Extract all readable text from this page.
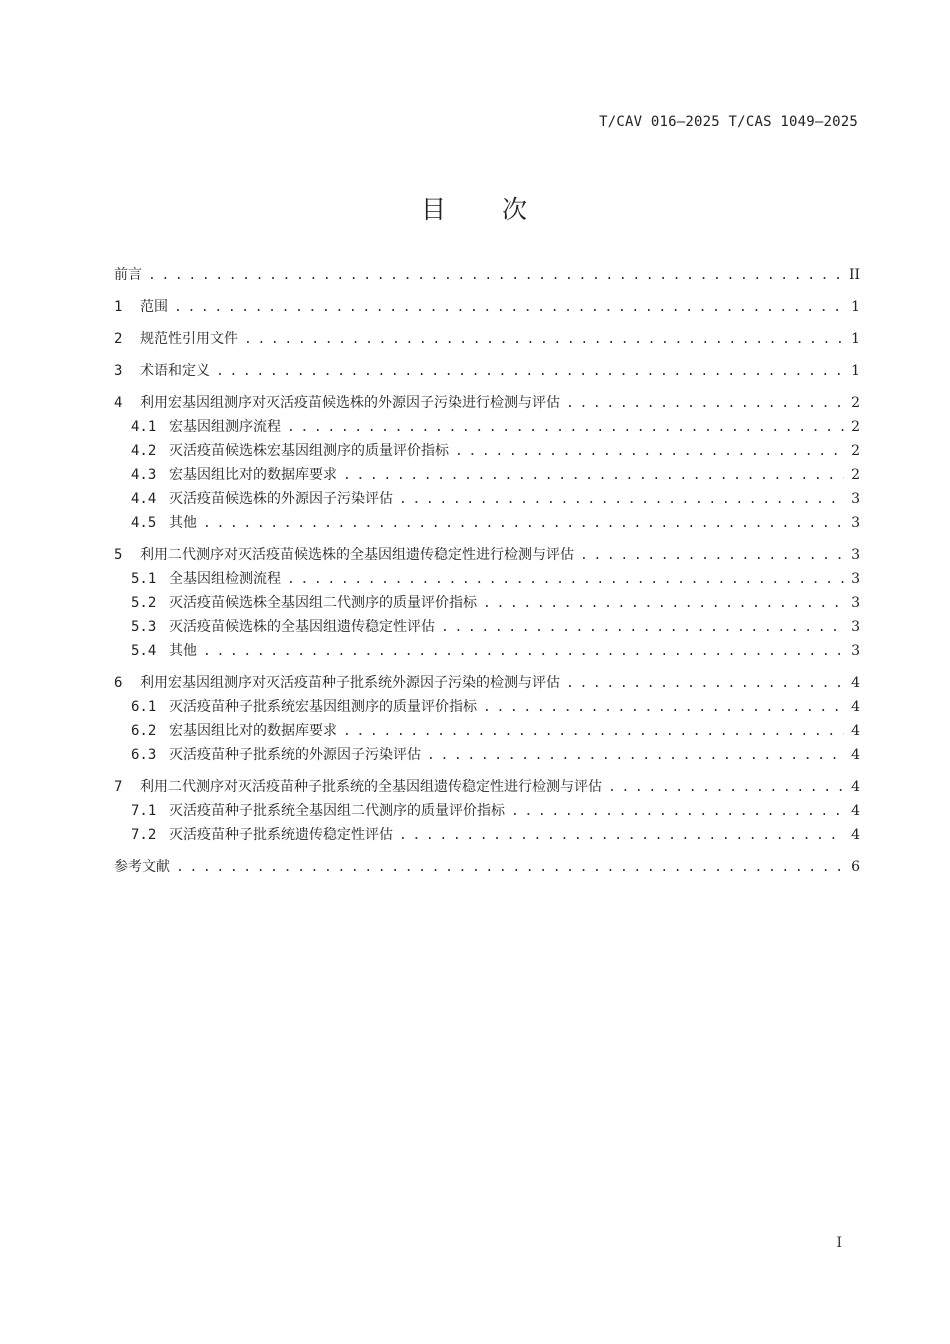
T/CAV 016—2025 T/CAS 1049—2025
目　　次
前言 . . .	II
1	范围 . . .	1
2	规范性引用文件 . . .	1
3	术语和定义 . . .	1
4	利用宏基因组测序对灭活疫苗候选株的外源因子污染进行检测与评估 . . .	2
4.1 宏基因组测序流程 . . .	2
4.2 灭活疫苗候选株宏基因组测序的质量评价指标 . . .	2
4.3 宏基因组比对的数据库要求 . . .	2
4.4 灭活疫苗候选株的外源因子污染评估 . . .	3
4.5 其他 . . .	3
5	利用二代测序对灭活疫苗候选株的全基因组遗传稳定性进行检测与评估 . . .	3
5.1 全基因组检测流程 . . .	3
5.2 灭活疫苗候选株全基因组二代测序的质量评价指标 . . .	3
5.3 灭活疫苗候选株的全基因组遗传稳定性评估 . . .	3
5.4 其他 . . .	3
6	利用宏基因组测序对灭活疫苗种子批系统外源因子污染的检测与评估 . . .	4
6.1 灭活疫苗种子批系统宏基因组测序的质量评价指标 . . .	4
6.2 宏基因组比对的数据库要求 . . .	4
6.3 灭活疫苗种子批系统的外源因子污染评估 . . .	4
7	利用二代测序对灭活疫苗种子批系统的全基因组遗传稳定性进行检测与评估 . . .	4
7.1 灭活疫苗种子批系统全基因组二代测序的质量评价指标 . . .	4
7.2 灭活疫苗种子批系统遗传稳定性评估 . . .	4
参考文献 . . .	6
I
